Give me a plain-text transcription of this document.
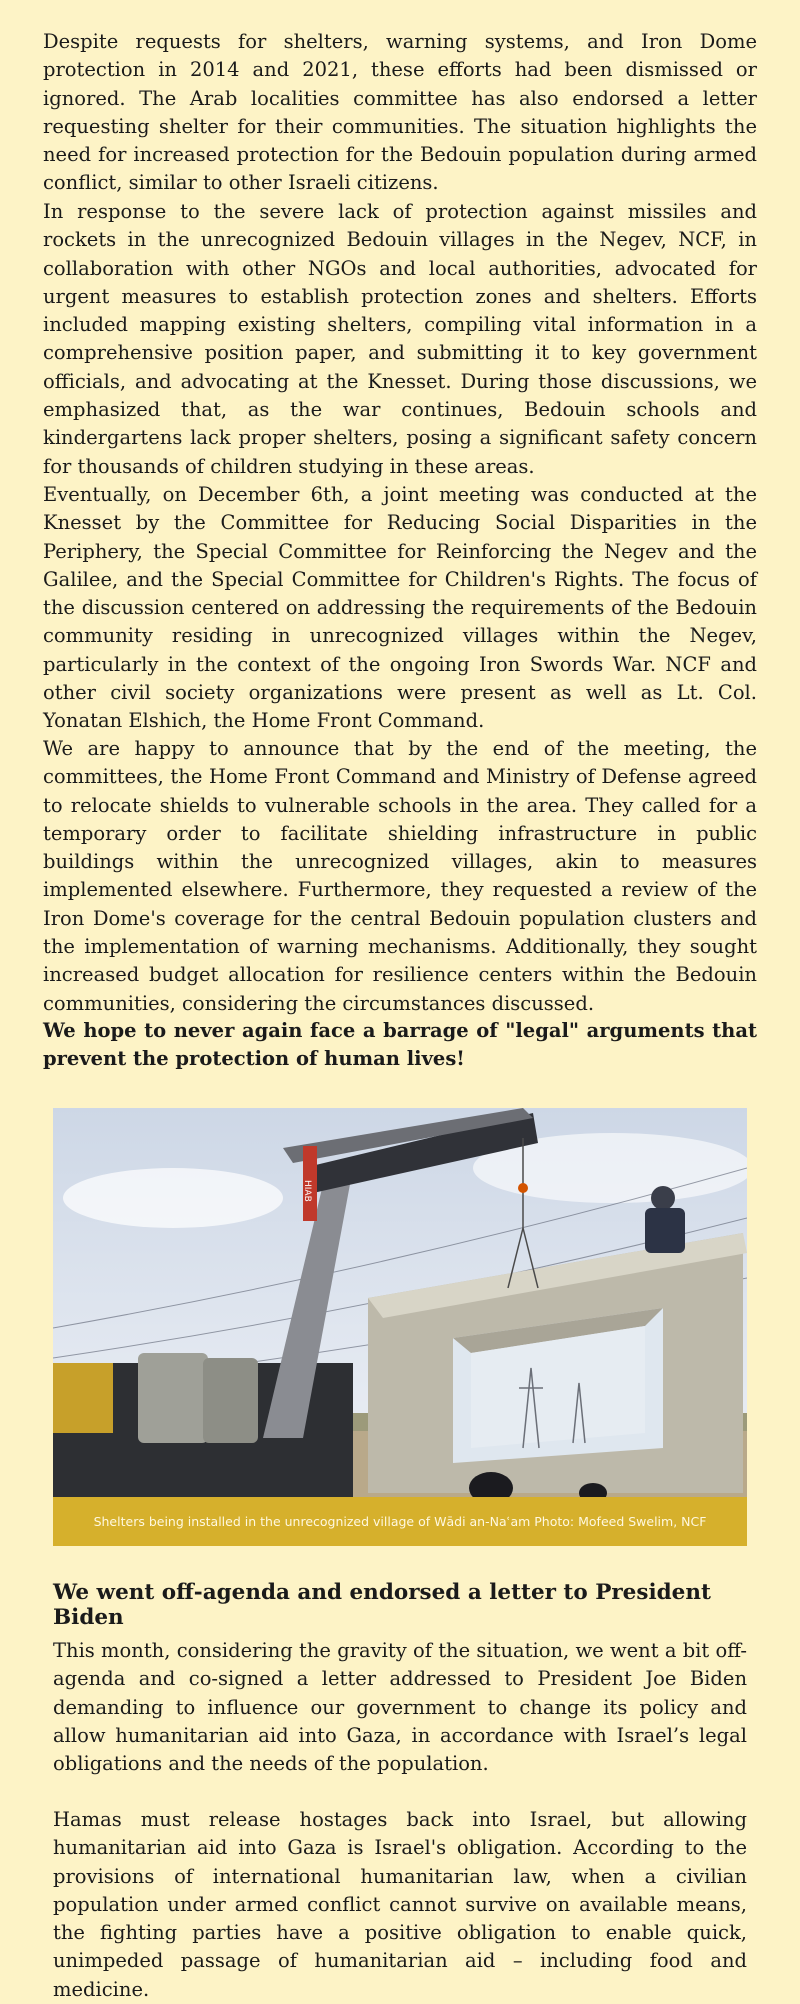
Despite requests for shelters, warning systems, and Iron Dome protection in 2014 and 2021, these efforts had been dismissed or ignored. The Arab localities committee has also endorsed a letter requesting shelter for their communities. The situation highlights the need for increased protection for the Bedouin population during armed conflict, similar to other Israeli citizens.

In response to the severe lack of protection against missiles and rockets in the unrecognized Bedouin villages in the Negev, NCF, in collaboration with other NGOs and local authorities, advocated for urgent measures to establish protection zones and shelters. Efforts included mapping existing shelters, compiling vital information in a comprehensive position paper, and submitting it to key government officials, and advocating at the Knesset. During those discussions, we emphasized that, as the war continues, Bedouin schools and kindergartens lack proper shelters, posing a significant safety concern for thousands of children studying in these areas.

Eventually, on December 6th, a joint meeting was conducted at the Knesset by the Committee for Reducing Social Disparities in the Periphery, the Special Committee for Reinforcing the Negev and the Galilee, and the Special Committee for Children's Rights. The focus of the discussion centered on addressing the requirements of the Bedouin community residing in unrecognized villages within the Negev, particularly in the context of the ongoing Iron Swords War. NCF and other civil society organizations were present as well as Lt. Col. Yonatan Elshich, the Home Front Command.

We are happy to announce that by the end of the meeting, the committees, the Home Front Command and Ministry of Defense agreed to relocate shields to vulnerable schools in the area. They called for a temporary order to facilitate shielding infrastructure in public buildings within the unrecognized villages, akin to measures implemented elsewhere. Furthermore, they requested a review of the Iron Dome's coverage for the central Bedouin population clusters and the implementation of warning mechanisms. Additionally, they sought increased budget allocation for resilience centers within the Bedouin communities, considering the circumstances discussed.

We hope to never again face a barrage of "legal" arguments that prevent the protection of human lives!

HIAB
Shelters being installed in the unrecognized village of Wādi an-Naʿam Photo: Mofeed Swelim, NCF
We went off-agenda and endorsed a letter to President Biden

This month, considering the gravity of the situation, we went a bit off-agenda and co-signed a letter addressed to President Joe Biden demanding to influence our government to change its policy and allow humanitarian aid into Gaza, in accordance with Israel’s legal obligations and the needs of the population.

Hamas must release hostages back into Israel, but allowing humanitarian aid into Gaza is Israel's obligation. According to the provisions of international humanitarian law, when a civilian population under armed conflict cannot survive on available means, the fighting parties have a positive obligation to enable quick, unimpeded passage of humanitarian aid – including food and medicine.
